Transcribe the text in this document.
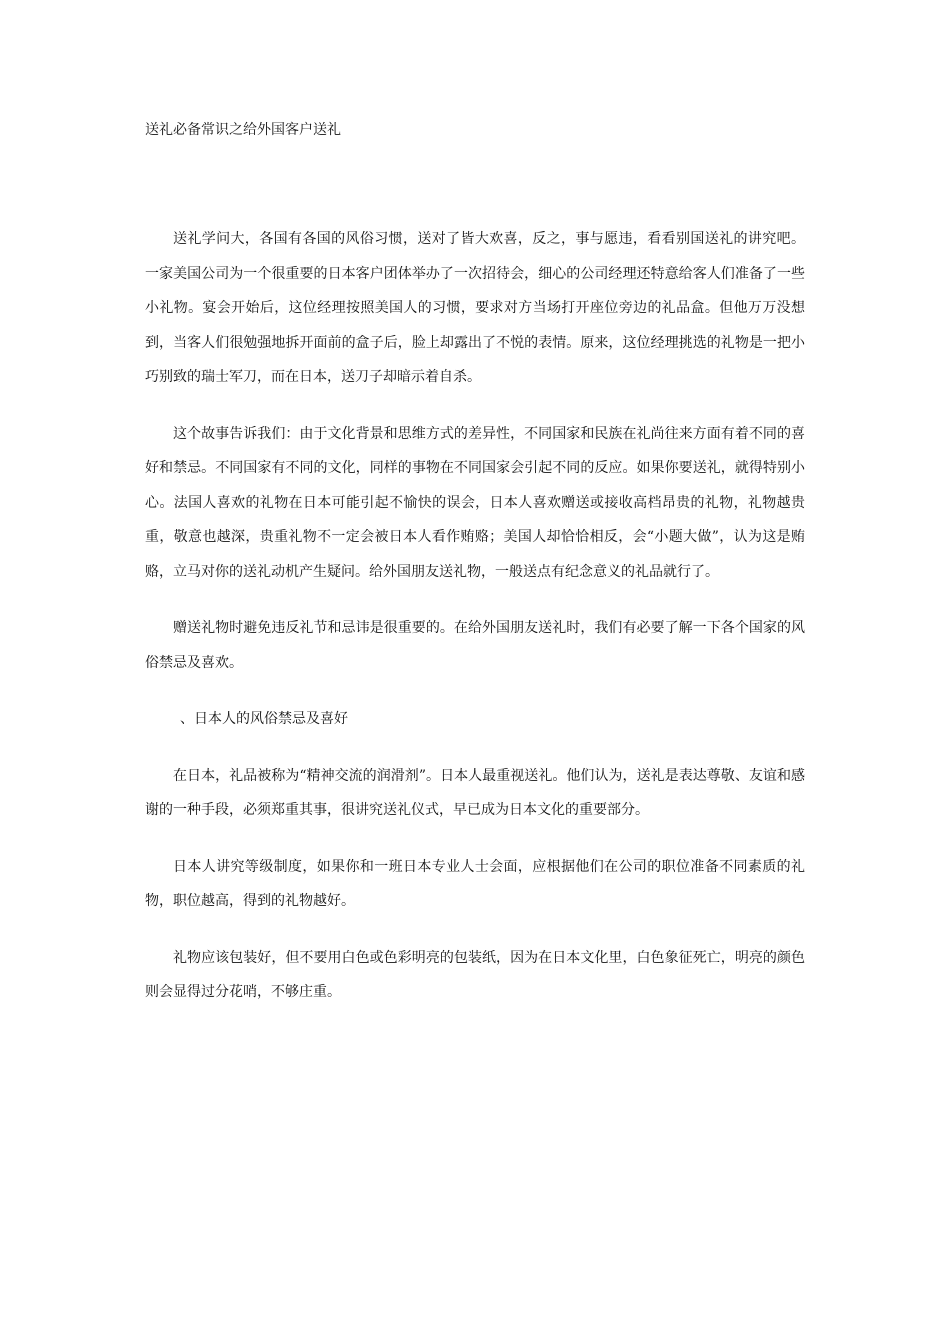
送礼必备常识之给外国客户送礼

送礼学问大，各国有各国的风俗习惯，送对了皆大欢喜，反之，事与愿违，看看别国送礼的讲究吧。 一家美国公司为一个很重要的日本客户团体举办了一次招待会，细心的公司经理还特意给客人们准备了一些小礼物。宴会开始后，这位经理按照美国人的习惯，要求对方当场打开座位旁边的礼品盒。但他万万没想到，当客人们很勉强地拆开面前的盒子后，脸上却露出了不悦的表情。原来，这位经理挑选的礼物是一把小巧别致的瑞士军刀，而在日本，送刀子却暗示着自杀。

这个故事告诉我们：由于文化背景和思维方式的差异性，不同国家和民族在礼尚往来方面有着不同的喜好和禁忌。不同国家有不同的文化，同样的事物在不同国家会引起不同的反应。如果你要送礼，就得特别小心。法国人喜欢的礼物在日本可能引起不愉快的误会，日本人喜欢赠送或接收高档昂贵的礼物，礼物越贵重，敬意也越深，贵重礼物不一定会被日本人看作贿赂；美国人却恰恰相反，会“小题大做”，认为这是贿赂，立马对你的送礼动机产生疑问。给外国朋友送礼物，一般送点有纪念意义的礼品就行了。

赠送礼物时避免违反礼节和忌讳是很重要的。在给外国朋友送礼时，我们有必要了解一下各个国家的风俗禁忌及喜欢。

、日本人的风俗禁忌及喜好

在日本，礼品被称为“精神交流的润滑剂”。日本人最重视送礼。他们认为，送礼是表达尊敬、友谊和感谢的一种手段，必须郑重其事，很讲究送礼仪式，早已成为日本文化的重要部分。

日本人讲究等级制度，如果你和一班日本专业人士会面，应根据他们在公司的职位准备不同素质的礼物，职位越高，得到的礼物越好。

礼物应该包装好，但不要用白色或色彩明亮的包装纸，因为在日本文化里，白色象征死亡，明亮的颜色则会显得过分花哨，不够庄重。
